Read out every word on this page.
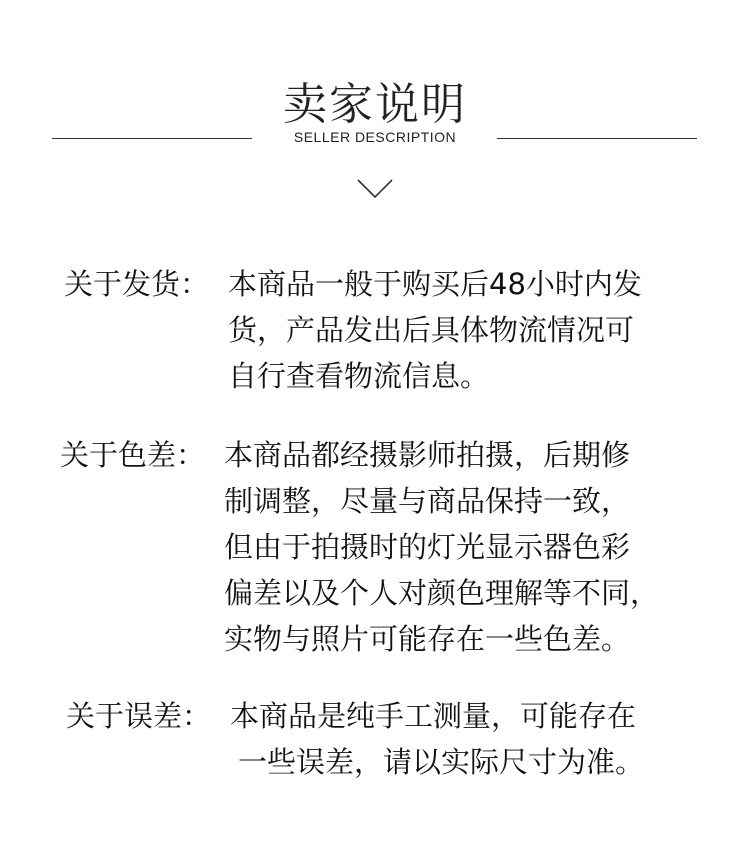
卖家说明
SELLER DESCRIPTION
关于发货： 本商品一般于购买后48小时内发
货，产品发出后具体物流情况可
自行查看物流信息。
关于色差： 本商品都经摄影师拍摄，后期修
制调整，尽量与商品保持一致，
但由于拍摄时的灯光显示器色彩
偏差以及个人对颜色理解等不同，
实物与照片可能存在一些色差。
关于误差： 本商品是纯手工测量，可能存在
一些误差，请以实际尺寸为准。
